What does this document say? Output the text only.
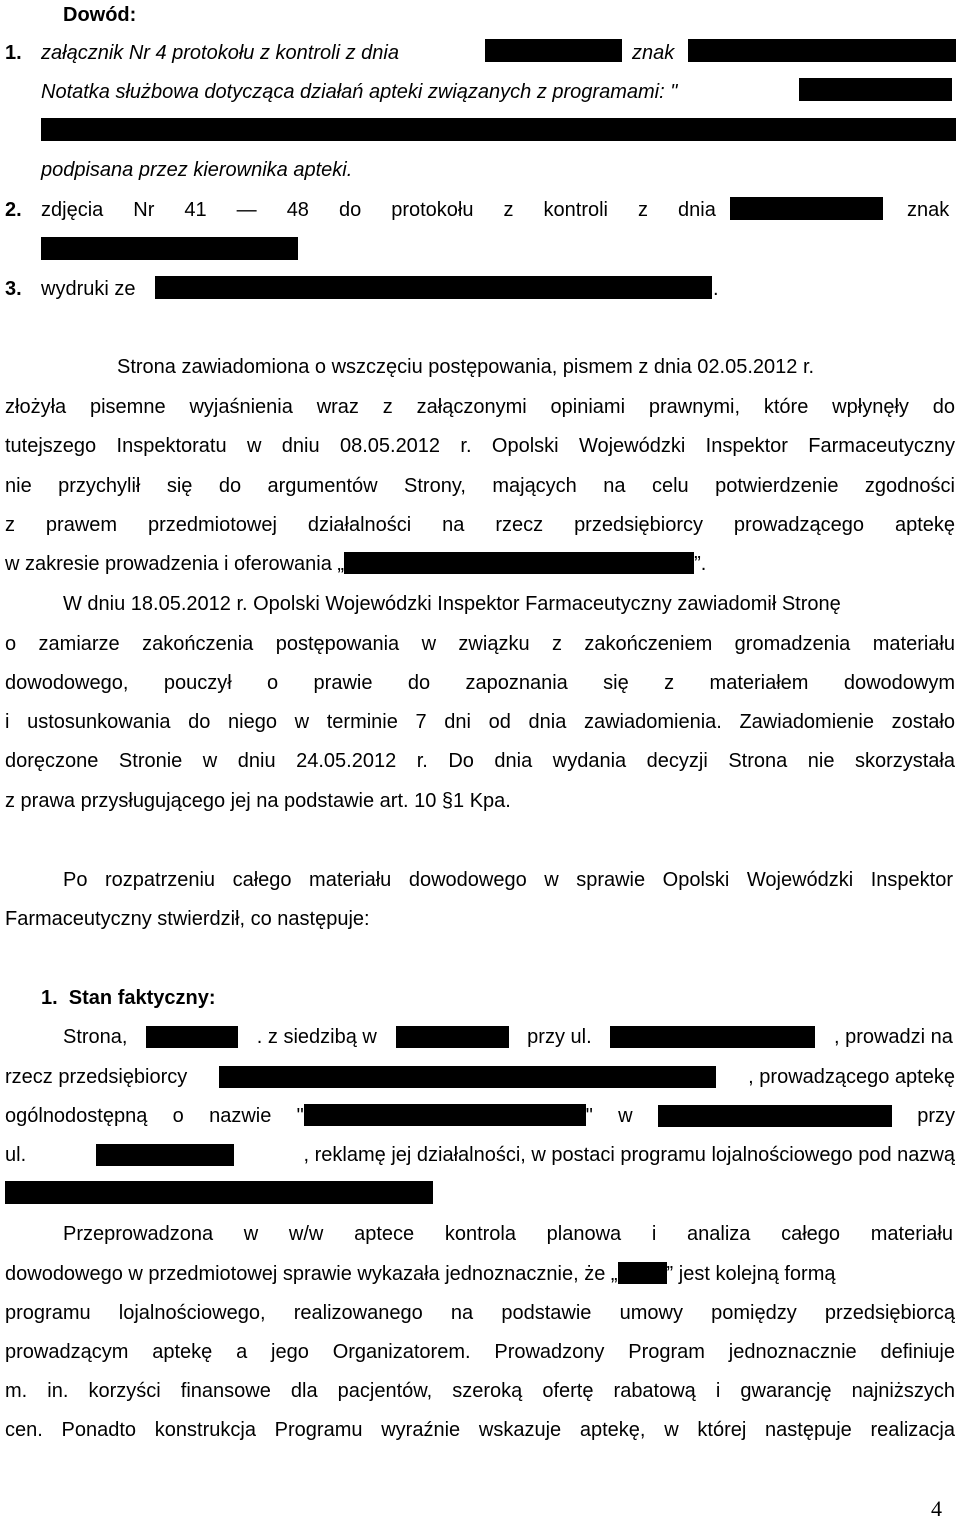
Dowód:
1. załącznik Nr 4 protokołu z kontroli z dnia	znak
Notatka służbowa dotycząca działań apteki związanych z programami: "
podpisana przez kierownika apteki.
2. zdjęcia Nr 41 — 48 do protokołu z kontroli z dnia	znak
3. wydruki ze	.
Strona zawiadomiona o wszczęciu postępowania, pismem z dnia 02.05.2012 r.
złożyła pisemne wyjaśnienia wraz z załączonymi opiniami prawnymi, które wpłynęły do
tutejszego Inspektoratu w dniu 08.05.2012 r. Opolski Wojewódzki Inspektor Farmaceutyczny
nie przychylił się do argumentów Strony, mających na celu potwierdzenie zgodności
z prawem przedmiotowej działalności na rzecz przedsiębiorcy prowadzącego aptekę
w zakresie prowadzenia i oferowania „	”.
W dniu 18.05.2012 r. Opolski Wojewódzki Inspektor Farmaceutyczny zawiadomił Stronę
o zamiarze zakończenia postępowania w związku z zakończeniem gromadzenia materiału
dowodowego, pouczył o prawie do zapoznania się z materiałem dowodowym
i ustosunkowania do niego w terminie 7 dni od dnia zawiadomienia. Zawiadomienie zostało
doręczone Stronie w dniu 24.05.2012 r. Do dnia wydania decyzji Strona nie skorzystała
z prawa przysługującego jej na podstawie art. 10 §1 Kpa.
Po rozpatrzeniu całego materiału dowodowego w sprawie Opolski Wojewódzki Inspektor
Farmaceutyczny stwierdził, co następuje:
1.  Stan faktyczny:
Strona,	. z siedzibą w	przy ul.	, prowadzi na
rzecz przedsiębiorcy	, prowadzącego aptekę
ogólnodostępną o nazwie "	" w	przy
ul.	, reklamę jej działalności, w postaci programu lojalnościowego pod nazwą
Przeprowadzona w w/w aptece kontrola planowa i analiza całego materiału
dowodowego w przedmiotowej sprawie wykazała jednoznacznie, że „ ” jest kolejną formą
programu lojalnościowego, realizowanego na podstawie umowy pomiędzy przedsiębiorcą
prowadzącym aptekę a jego Organizatorem. Prowadzony Program jednoznacznie definiuje
m. in. korzyści finansowe dla pacjentów, szeroką ofertę rabatową i gwarancję najniższych
cen. Ponadto konstrukcja Programu wyraźnie wskazuje aptekę, w której następuje realizacja
4
